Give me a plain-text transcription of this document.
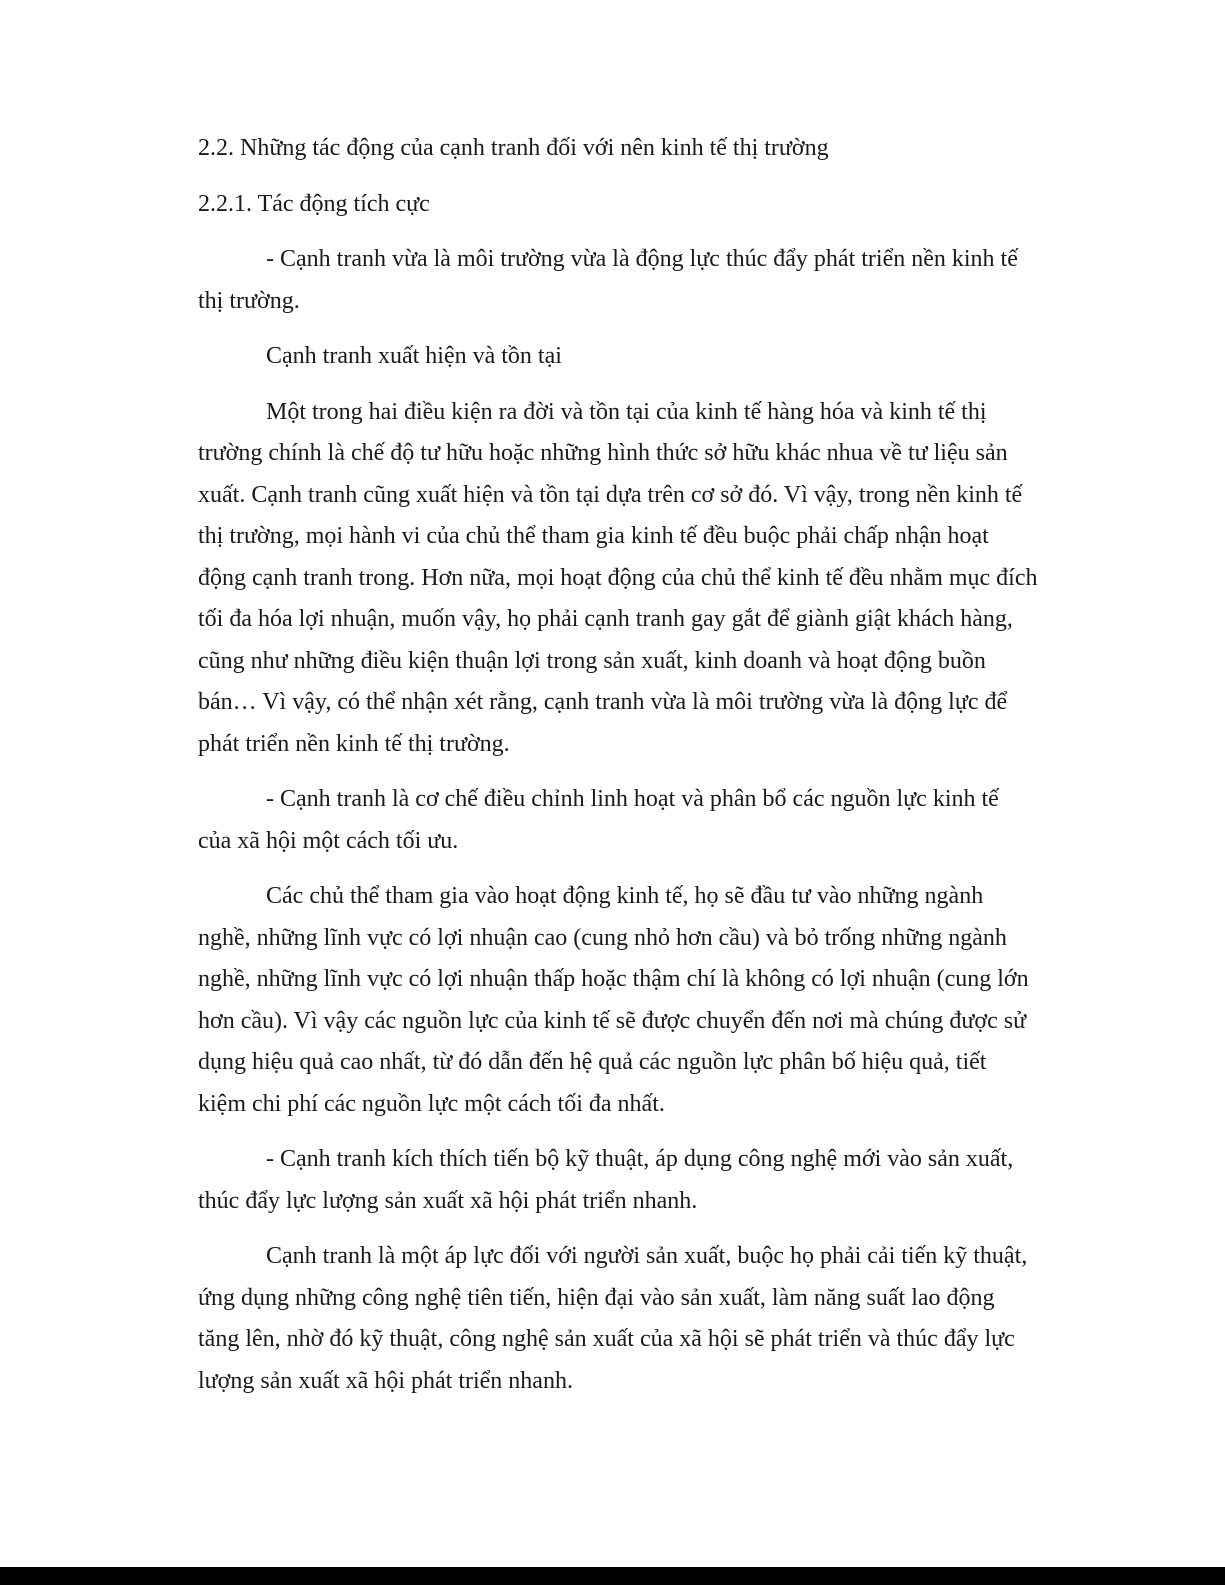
2.2. Những tác động của cạnh tranh đối với nên kinh tế thị trường

2.2.1. Tác động tích cực

- Cạnh tranh vừa là môi trường vừa là động lực thúc đẩy phát triển nền kinh tế thị trường.

Cạnh tranh xuất hiện và tồn tại

Một trong hai điều kiện ra đời và tồn tại của kinh tế hàng hóa và kinh tế thị trường chính là chế độ tư hữu hoặc những hình thức sở hữu khác nhua về tư liệu sản xuất. Cạnh tranh cũng xuất hiện và tồn tại dựa trên cơ sở đó. Vì vậy, trong nền kinh tế thị trường, mọi hành vi của chủ thể tham gia kinh tế đều buộc phải chấp nhận hoạt động cạnh tranh trong. Hơn nữa, mọi hoạt động của chủ thể kinh tế đều nhằm mục đích tối đa hóa lợi nhuận, muốn vậy, họ phải cạnh tranh gay gắt để giành giật khách hàng, cũng như những điều kiện thuận lợi trong sản xuất, kinh doanh và hoạt động buồn bán… Vì vậy, có thể nhận xét rằng, cạnh tranh vừa là môi trường vừa là động lực để phát triển nền kinh tế thị trường.

- Cạnh tranh là cơ chế điều chỉnh linh hoạt và phân bổ các nguồn lực kinh tế của xã hội một cách tối ưu.

Các chủ thể tham gia vào hoạt động kinh tế, họ sẽ đầu tư vào những ngành nghề, những lĩnh vực có lợi nhuận cao (cung nhỏ hơn cầu) và bỏ trống những ngành nghề, những lĩnh vực có lợi nhuận thấp hoặc thậm chí là không có lợi nhuận (cung lớn hơn cầu). Vì vậy các nguồn lực của kinh tế sẽ được chuyển đến nơi mà chúng được sử dụng hiệu quả cao nhất, từ đó dẫn đến hệ quả các nguồn lực phân bố hiệu quả, tiết kiệm chi phí các nguồn lực một cách tối đa nhất.

- Cạnh tranh kích thích tiến bộ kỹ thuật, áp dụng công nghệ mới vào sản xuất, thúc đẩy lực lượng sản xuất xã hội phát triển nhanh.

Cạnh tranh là một áp lực đối với người sản xuất, buộc họ phải cải tiến kỹ thuật, ứng dụng những công nghệ tiên tiến, hiện đại vào sản xuất, làm năng suất lao động tăng lên, nhờ đó kỹ thuật, công nghệ sản xuất của xã hội sẽ phát triển và thúc đẩy lực lượng sản xuất xã hội phát triển nhanh.
